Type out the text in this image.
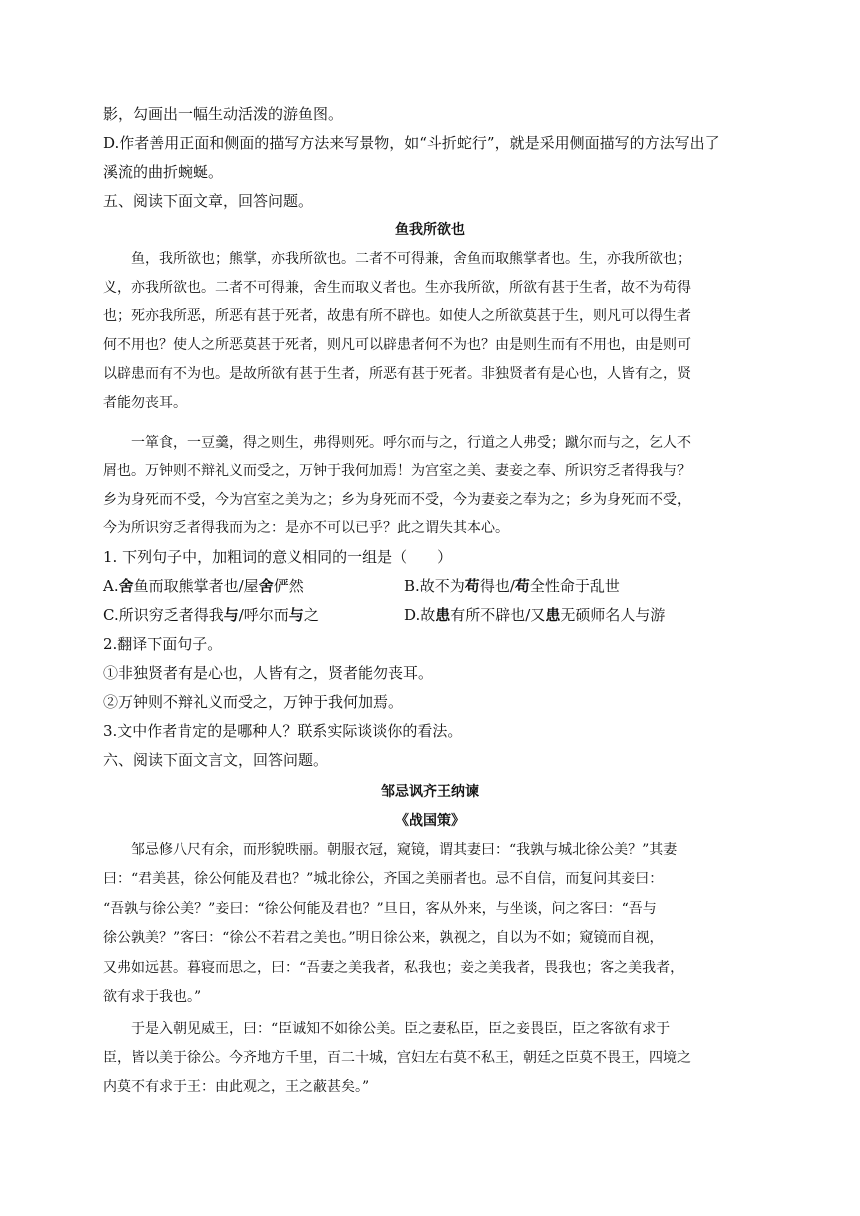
影，勾画出一幅生动活泼的游鱼图。
D.作者善用正面和侧面的描写方法来写景物，如“斗折蛇行”，就是采用侧面描写的方法写出了
溪流的曲折蜿蜒。
五、阅读下面文章，回答问题。
鱼我所欲也
鱼，我所欲也；熊掌，亦我所欲也。二者不可得兼，舍鱼而取熊掌者也。生，亦我所欲也；
义，亦我所欲也。二者不可得兼，舍生而取义者也。生亦我所欲，所欲有甚于生者，故不为苟得
也；死亦我所恶，所恶有甚于死者，故患有所不辟也。如使人之所欲莫甚于生，则凡可以得生者
何不用也？使人之所恶莫甚于死者，则凡可以辟患者何不为也？由是则生而有不用也，由是则可
以辟患而有不为也。是故所欲有甚于生者，所恶有甚于死者。非独贤者有是心也，人皆有之，贤
者能勿丧耳。
一箪食，一豆羹，得之则生，弗得则死。呼尔而与之，行道之人弗受；蹴尔而与之，乞人不
屑也。万钟则不辩礼义而受之，万钟于我何加焉！为宫室之美、妻妾之奉、所识穷乏者得我与？
乡为身死而不受，今为宫室之美为之；乡为身死而不受，今为妻妾之奉为之；乡为身死而不受，
今为所识穷乏者得我而为之：是亦不可以已乎？此之谓失其本心。
1. 下列句子中，加粗词的意义相同的一组是（　　）
A.舍鱼而取熊掌者也/屋舍俨然	B.故不为苟得也/苟全性命于乱世
C.所识穷乏者得我与/呼尔而与之	D.故患有所不辟也/又患无硕师名人与游
2.翻译下面句子。
①非独贤者有是心也，人皆有之，贤者能勿丧耳。
②万钟则不辩礼义而受之，万钟于我何加焉。
3.文中作者肯定的是哪种人？联系实际谈谈你的看法。
六、阅读下面文言文，回答问题。
邹忌讽齐王纳谏
《战国策》
邹忌修八尺有余，而形貌昳丽。朝服衣冠，窥镜，谓其妻曰：“我孰与城北徐公美？”其妻
曰：“君美甚，徐公何能及君也？”城北徐公，齐国之美丽者也。忌不自信，而复问其妾曰：
“吾孰与徐公美？”妾曰：“徐公何能及君也？”旦日，客从外来，与坐谈，问之客曰：“吾与
徐公孰美？”客曰：“徐公不若君之美也。”明日徐公来，孰视之，自以为不如；窥镜而自视，
又弗如远甚。暮寝而思之，曰：“吾妻之美我者，私我也；妾之美我者，畏我也；客之美我者，
欲有求于我也。”
于是入朝见威王，曰：“臣诚知不如徐公美。臣之妻私臣，臣之妾畏臣，臣之客欲有求于
臣，皆以美于徐公。今齐地方千里，百二十城，宫妇左右莫不私王，朝廷之臣莫不畏王，四境之
内莫不有求于王：由此观之，王之蔽甚矣。”
